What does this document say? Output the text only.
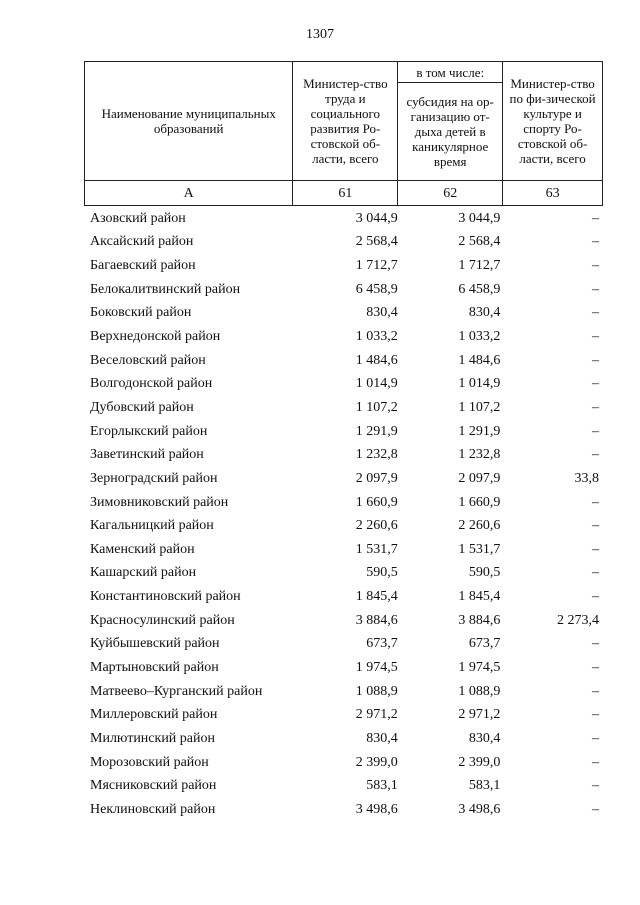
1307
Наименование муниципальных образований	Министер-ство труда и социального развития Ро-стовской об-ласти, всего	в том числе:	Министер-ство по фи-зической культуре и спорту Ро-стовской об-ласти, всего
		субсидия на ор-ганизацию от-дыха детей в каникулярное время	
А	61	62	63
Азовский район	3 044,9	3 044,9	–
Аксайский район	2 568,4	2 568,4	–
Багаевский район	1 712,7	1 712,7	–
Белокалитвинский район	6 458,9	6 458,9	–
Боковский район	830,4	830,4	–
Верхнедонской район	1 033,2	1 033,2	–
Веселовский район	1 484,6	1 484,6	–
Волгодонской район	1 014,9	1 014,9	–
Дубовский район	1 107,2	1 107,2	–
Егорлыкский район	1 291,9	1 291,9	–
Заветинский район	1 232,8	1 232,8	–
Зерноградский район	2 097,9	2 097,9	33,8
Зимовниковский район	1 660,9	1 660,9	–
Кагальницкий район	2 260,6	2 260,6	–
Каменский район	1 531,7	1 531,7	–
Кашарский район	590,5	590,5	–
Константиновский район	1 845,4	1 845,4	–
Красносулинский район	3 884,6	3 884,6	2 273,4
Куйбышевский район	673,7	673,7	–
Мартыновский район	1 974,5	1 974,5	–
Матвеево–Курганский район	1 088,9	1 088,9	–
Миллеровский район	2 971,2	2 971,2	–
Милютинский район	830,4	830,4	–
Морозовский район	2 399,0	2 399,0	–
Мясниковский район	583,1	583,1	–
Неклиновский район	3 498,6	3 498,6	–
